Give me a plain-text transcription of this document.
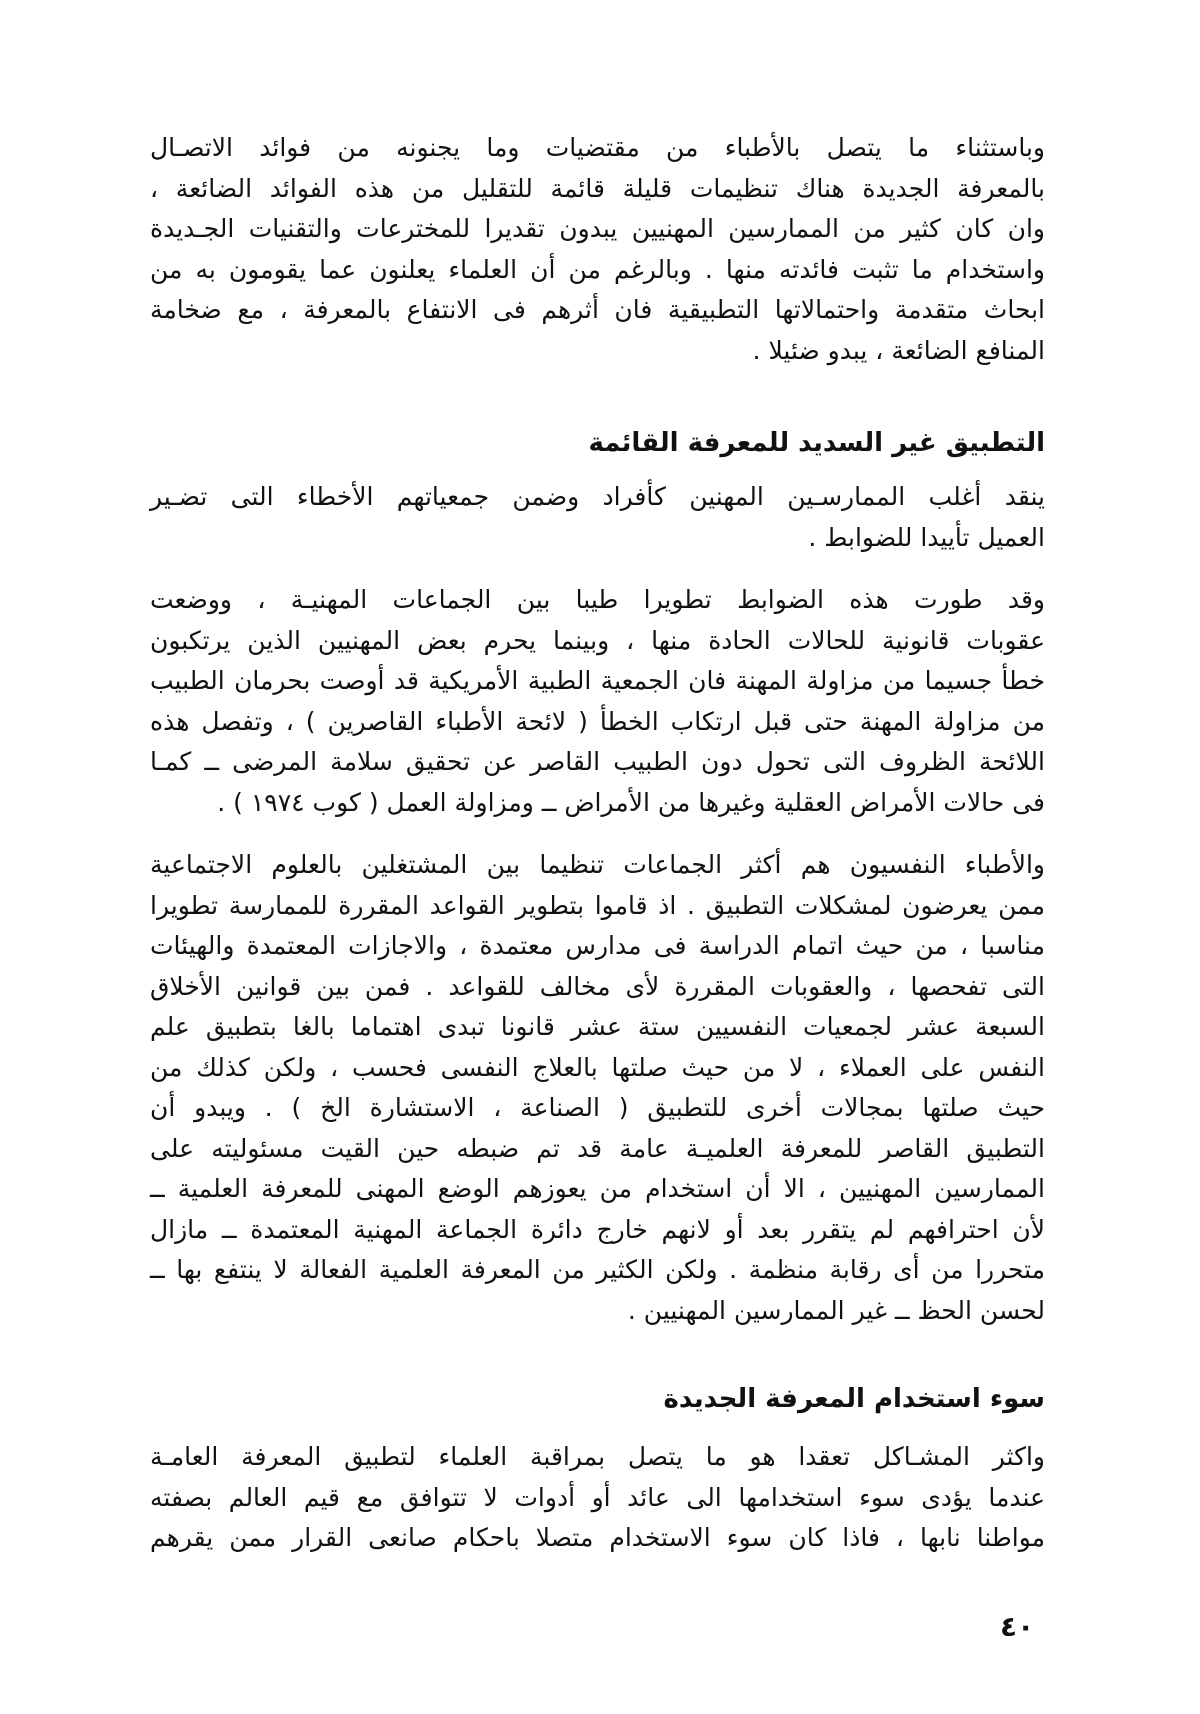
وباستثناء ما يتصل بالأطباء من مقتضيات وما يجنونه من فوائد الاتصـال
بالمعرفة الجديدة هناك تنظيمات قليلة قائمة للتقليل من هذه الفوائد الضائعة ،
وان كان كثير من الممارسين المهنيين يبدون تقديرا للمخترعات والتقنيات الجـديدة
واستخدام ما تثبت فائدته منها . وبالرغم من أن العلماء يعلنون عما يقومون به من
ابحاث متقدمة واحتمالاتها التطبيقية فان أثرهم فى الانتفاع بالمعرفة ، مع ضخامة
المنافع الضائعة ، يبدو ضئيلا .

التطبيق غير السديد للمعرفة القائمة

ينقد أغلب الممارسـين المهنين كأفراد وضمن جمعياتهم الأخطاء التى تضـير
العميل تأييدا للضوابط .

وقد طورت هذه الضوابط تطويرا طيبا بين الجماعات المهنيـة ، ووضعت
عقوبات قانونية للحالات الحادة منها ، وبينما يحرم بعض المهنيين الذين يرتكبون
خطأ جسيما من مزاولة المهنة فان الجمعية الطبية الأمريكية قد أوصت بحرمان الطبيب
من مزاولة المهنة حتى قبل ارتكاب الخطأ ( لائحة الأطباء القاصرين ) ، وتفصل هذه
اللائحة الظروف التى تحول دون الطبيب القاصر عن تحقيق سلامة المرضى ــ كمـا
فى حالات الأمراض العقلية وغيرها من الأمراض ــ ومزاولة العمل ( كوب ١٩٧٤ ) .

والأطباء النفسيون هم أكثر الجماعات تنظيما بين المشتغلين بالعلوم الاجتماعية
ممن يعرضون لمشكلات التطبيق . اذ قاموا بتطوير القواعد المقررة للممارسة تطويرا
مناسبا ، من حيث اتمام الدراسة فى مدارس معتمدة ، والاجازات المعتمدة والهيئات
التى تفحصها ، والعقوبات المقررة لأى مخالف للقواعد . فمن بين قوانين الأخلاق
السبعة عشر لجمعيات النفسيين ستة عشر قانونا تبدى اهتماما بالغا بتطبيق علم
النفس على العملاء ، لا من حيث صلتها بالعلاج النفسى فحسب ، ولكن كذلك من
حيث صلتها بمجالات أخرى للتطبيق ( الصناعة ، الاستشارة الخ ) . ويبدو أن
التطبيق القاصر للمعرفة العلميـة عامة قد تم ضبطه حين القيت مسئوليته على
الممارسين المهنيين ، الا أن استخدام من يعوزهم الوضع المهنى للمعرفة العلمية ــ
لأن احترافهم لم يتقرر بعد أو لانهم خارج دائرة الجماعة المهنية المعتمدة ــ مازال
متحررا من أى رقابة منظمة . ولكن الكثير من المعرفة العلمية الفعالة لا ينتفع بها ــ
لحسن الحظ ــ غير الممارسين المهنيين .

سوء استخدام المعرفة الجديدة

واكثر المشـاكل تعقدا هو ما يتصل بمراقبة العلماء لتطبيق المعرفة العامـة
عندما يؤدى سوء استخدامها الى عائد أو أدوات لا تتوافق مع قيم العالم بصفته
مواطنا نابها ، فاذا كان سوء الاستخدام متصلا باحكام صانعى القرار ممن يقرهم

٤٠
